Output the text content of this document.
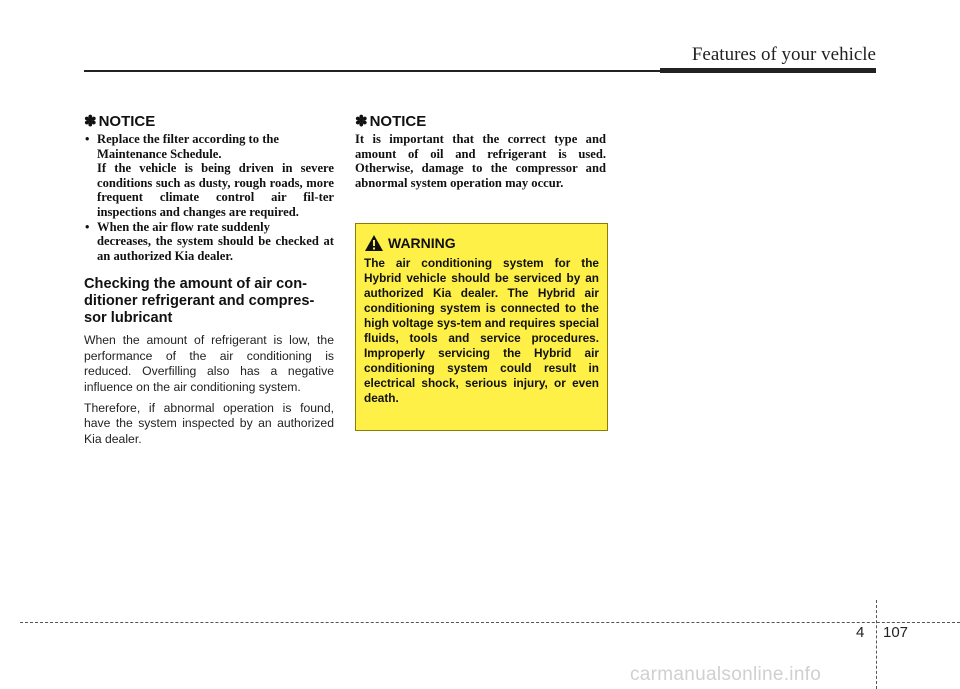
Features of your vehicle
✽ NOTICE
• Replace the filter according to the
Maintenance Schedule.
If the vehicle is being driven in severe conditions such as dusty, rough roads, more frequent climate control air fil-ter inspections and changes are required.
• When the air flow rate suddenly
decreases, the system should be checked at an authorized Kia dealer.
Checking the amount of air con-ditioner refrigerant and compres-sor lubricant

When the amount of refrigerant is low, the performance of the air conditioning is reduced. Overfilling also has a negative influence on the air conditioning system.

Therefore, if abnormal operation is found, have the system inspected by an authorized Kia dealer.

✽ NOTICE

It is important that the correct type and amount of oil and refrigerant is used. Otherwise, damage to the compressor and abnormal system operation may occur.

WARNING

The air conditioning system for the Hybrid vehicle should be serviced by an authorized Kia dealer. The Hybrid air conditioning system is connected to the high voltage sys-tem and requires special fluids, tools and service procedures. Improperly servicing the Hybrid air conditioning system could result in electrical shock, serious injury, or even death.

4 107
carmanualsonline.info
